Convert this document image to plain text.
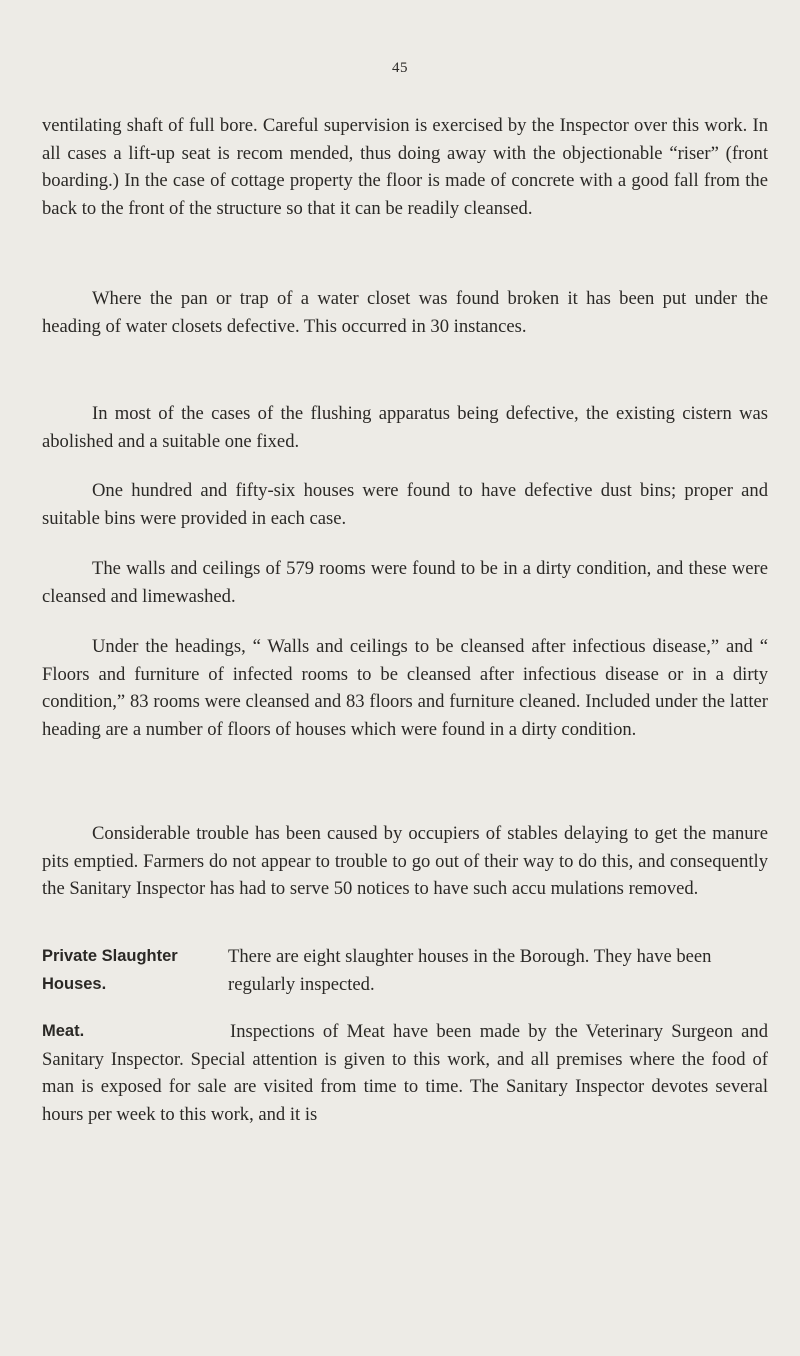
45

ventilating shaft of full bore. Careful supervision is exercised by the Inspector over this work. In all cases a lift-up seat is recom mended, thus doing away with the objectionable “riser” (front boarding.) In the case of cottage property the floor is made of concrete with a good fall from the back to the front of the structure so that it can be readily cleansed.

Where the pan or trap of a water closet was found broken it has been put under the heading of water closets defective. This occurred in 30 instances.

In most of the cases of the flushing apparatus being defective, the existing cistern was abolished and a suitable one fixed.

One hundred and fifty-six houses were found to have defective dust bins; proper and suitable bins were provided in each case.

The walls and ceilings of 579 rooms were found to be in a dirty condition, and these were cleansed and limewashed.

Under the headings, “ Walls and ceilings to be cleansed after infectious disease,” and “ Floors and furniture of infected rooms to be cleansed after infectious disease or in a dirty condition,” 83 rooms were cleansed and 83 floors and furniture cleaned. Included under the latter heading are a number of floors of houses which were found in a dirty condition.

Considerable trouble has been caused by occupiers of stables delaying to get the manure pits emptied. Farmers do not appear to trouble to go out of their way to do this, and consequently the Sanitary Inspector has had to serve 50 notices to have such accu mulations removed.

Private Slaughter
Houses.

There are eight slaughter houses in the Borough. They have been regularly inspected.

Meat.	Inspections of Meat have been made by the Veterinary Surgeon and Sanitary Inspector. Special attention is given to this work, and all premises where the food of man is exposed for sale are visited from time to time. The Sanitary Inspector devotes several hours per week to this work, and it is
